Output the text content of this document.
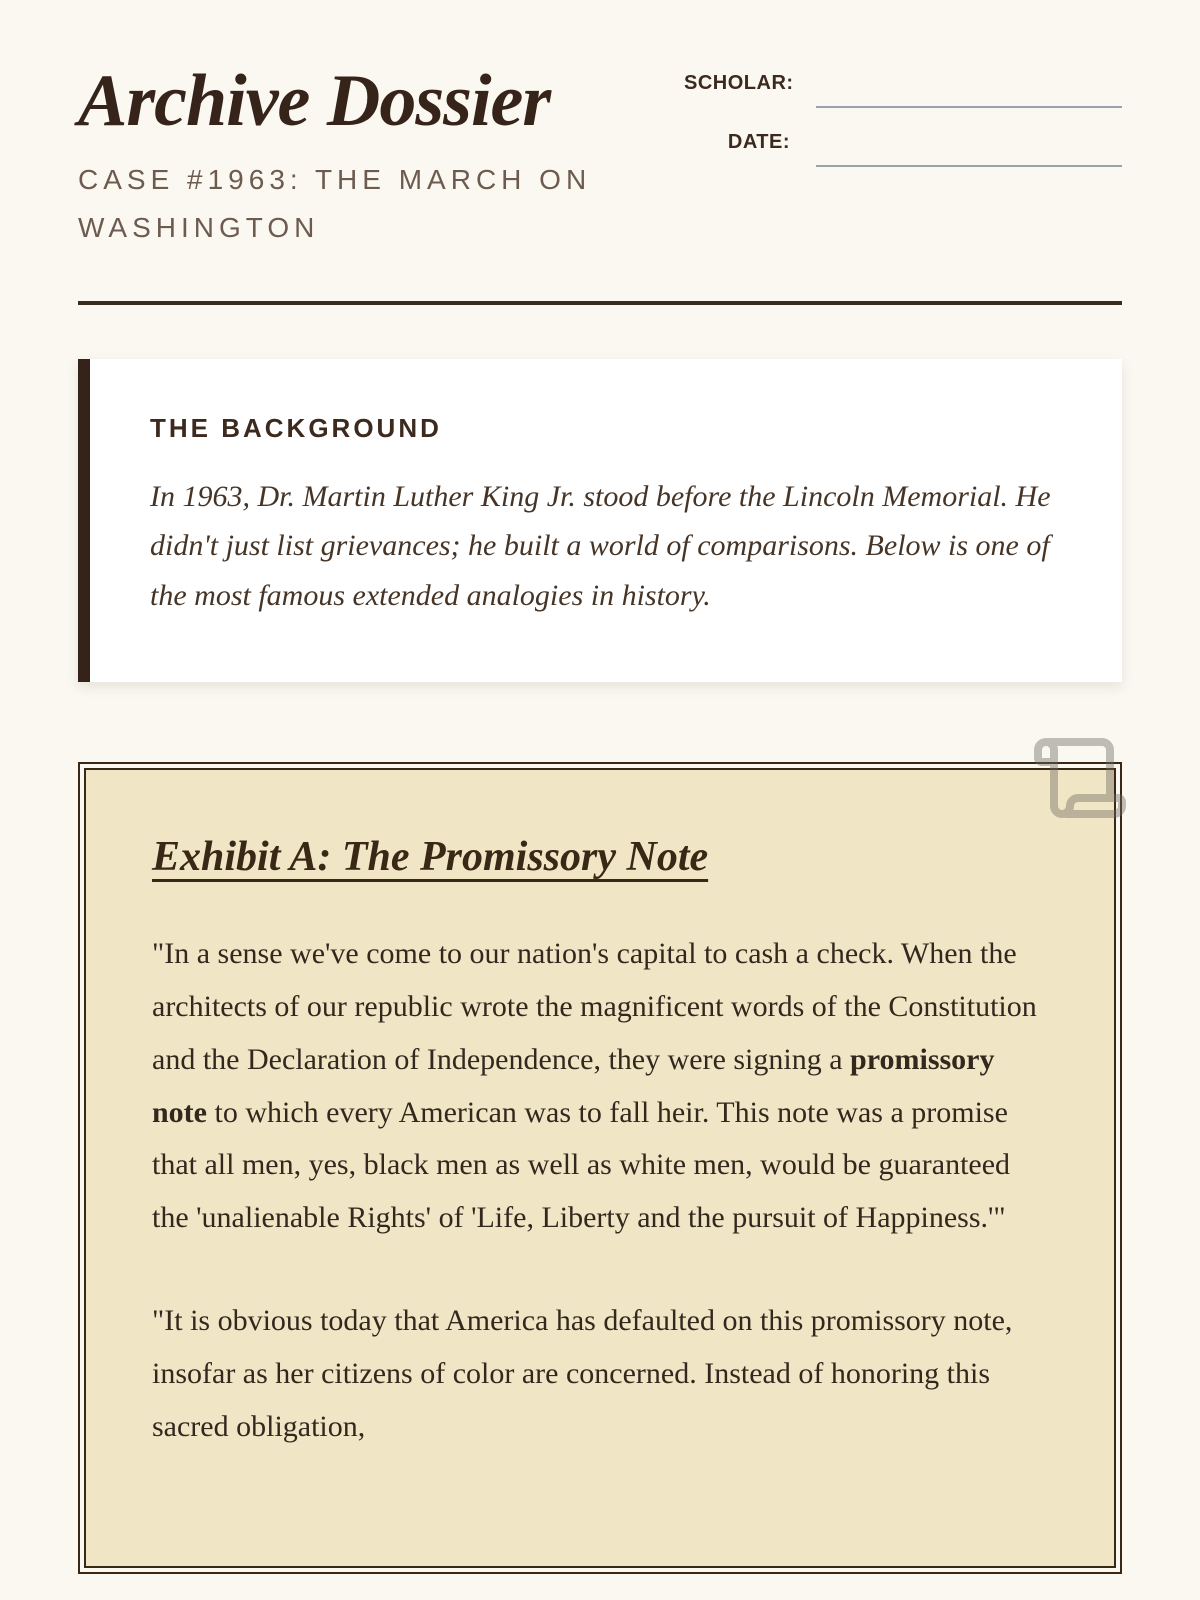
Archive Dossier
CASE #1963: THE MARCH ON WASHINGTON
SCHOLAR:
DATE:
THE BACKGROUND

In 1963, Dr. Martin Luther King Jr. stood before the Lincoln Memorial. He didn't just list grievances; he built a world of comparisons. Below is one of the most famous extended analogies in history.

Exhibit A: The Promissory Note

"In a sense we've come to our nation's capital to cash a check. When the architects of our republic wrote the magnificent words of the Constitution and the Declaration of Independence, they were signing a promissory note to which every American was to fall heir. This note was a promise that all men, yes, black men as well as white men, would be guaranteed the 'unalienable Rights' of 'Life, Liberty and the pursuit of Happiness.'"

"It is obvious today that America has defaulted on this promissory note, insofar as her citizens of color are concerned. Instead of honoring this sacred obligation,
